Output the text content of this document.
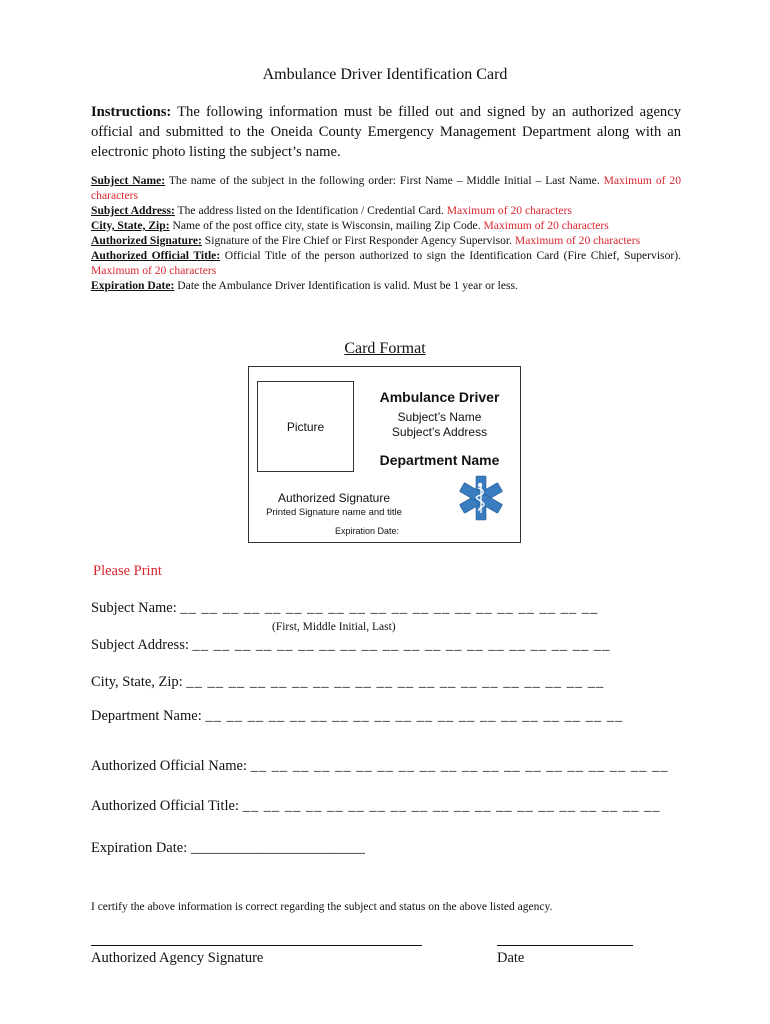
Ambulance Driver Identification Card
Instructions: The following information must be filled out and signed by an authorized agency official and submitted to the Oneida County Emergency Management Department along with an electronic photo listing the subject’s name.

Subject Name: The name of the subject in the following order: First Name – Middle Initial – Last Name. Maximum of 20 characters

Subject Address: The address listed on the Identification / Credential Card. Maximum of 20 characters

City, State, Zip: Name of the post office city, state is Wisconsin, mailing Zip Code. Maximum of 20 characters

Authorized Signature: Signature of the Fire Chief or First Responder Agency Supervisor. Maximum of 20 characters

Authorized Official Title: Official Title of the person authorized to sign the Identification Card (Fire Chief, Supervisor). Maximum of 20 characters

Expiration Date: Date the Ambulance Driver Identification is valid. Must be 1 year or less.

Card Format
Picture
Ambulance Driver
Subject’s Name
Subject’s Address
Department Name
Authorized Signature
Printed Signature name and title
Expiration Date:
Please Print
Subject Name: __ __ __ __ __ __ __ __ __ __ __ __ __ __ __ __ __ __ __ __
(First, Middle Initial, Last)
Subject Address: __ __ __ __ __ __ __ __ __ __ __ __ __ __ __ __ __ __ __ __
City, State, Zip: __ __ __ __ __ __ __ __ __ __ __ __ __ __ __ __ __ __ __ __
Department Name: __ __ __ __ __ __ __ __ __ __ __ __ __ __ __ __ __ __ __ __
Authorized Official Name: __ __ __ __ __ __ __ __ __ __ __ __ __ __ __ __ __ __ __ __
Authorized Official Title: __ __ __ __ __ __ __ __ __ __ __ __ __ __ __ __ __ __ __ __
Expiration Date: ________________________
I certify the above information is correct regarding the subject and status on the above listed agency.
Authorized Agency Signature	Date
